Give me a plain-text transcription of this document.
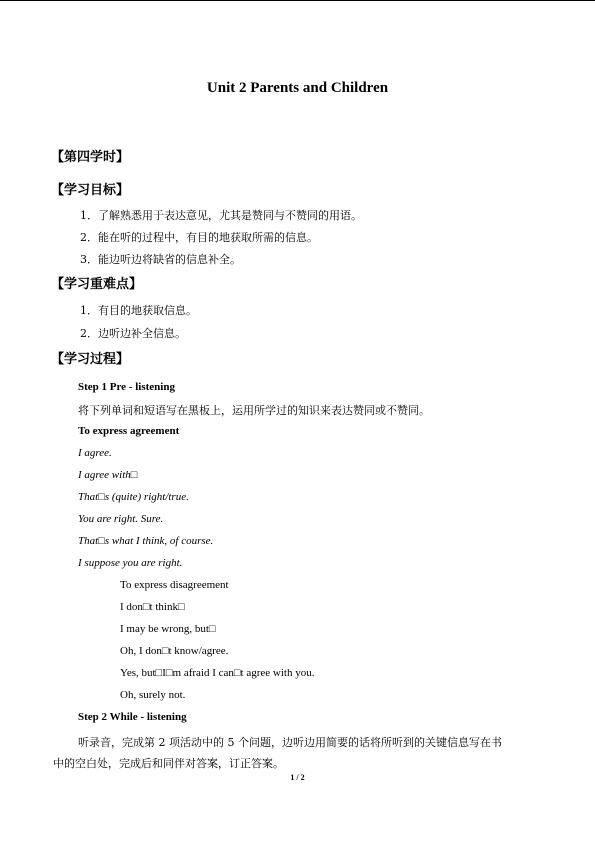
Unit 2 Parents and Children
【第四学时】
【学习目标】
1．了解熟悉用于表达意见，尤其是赞同与不赞同的用语。
2．能在听的过程中，有目的地获取所需的信息。
3．能边听边将缺省的信息补全。
【学习重难点】
1．有目的地获取信息。
2．边听边补全信息。
【学习过程】
Step 1 Pre - listening
将下列单词和短语写在黑板上，运用所学过的知识来表达赞同或不赞同。
To express agreement
I agree.
I agree with□
That□s (quite) right/true.
You are right. Sure.
That□s what I think, of course.
I suppose you are right.
To express disagreement
I don□t think□
I may be wrong, but□
Oh, I don□t know/agree.
Yes, but□I□m afraid I can□t agree with you.
Oh, surely not.
Step 2 While - listening
听录音，完成第 2 项活动中的 5 个问题，边听边用简要的话将所听到的关键信息写在书
中的空白处，完成后和同伴对答案，订正答案。
1 / 2
